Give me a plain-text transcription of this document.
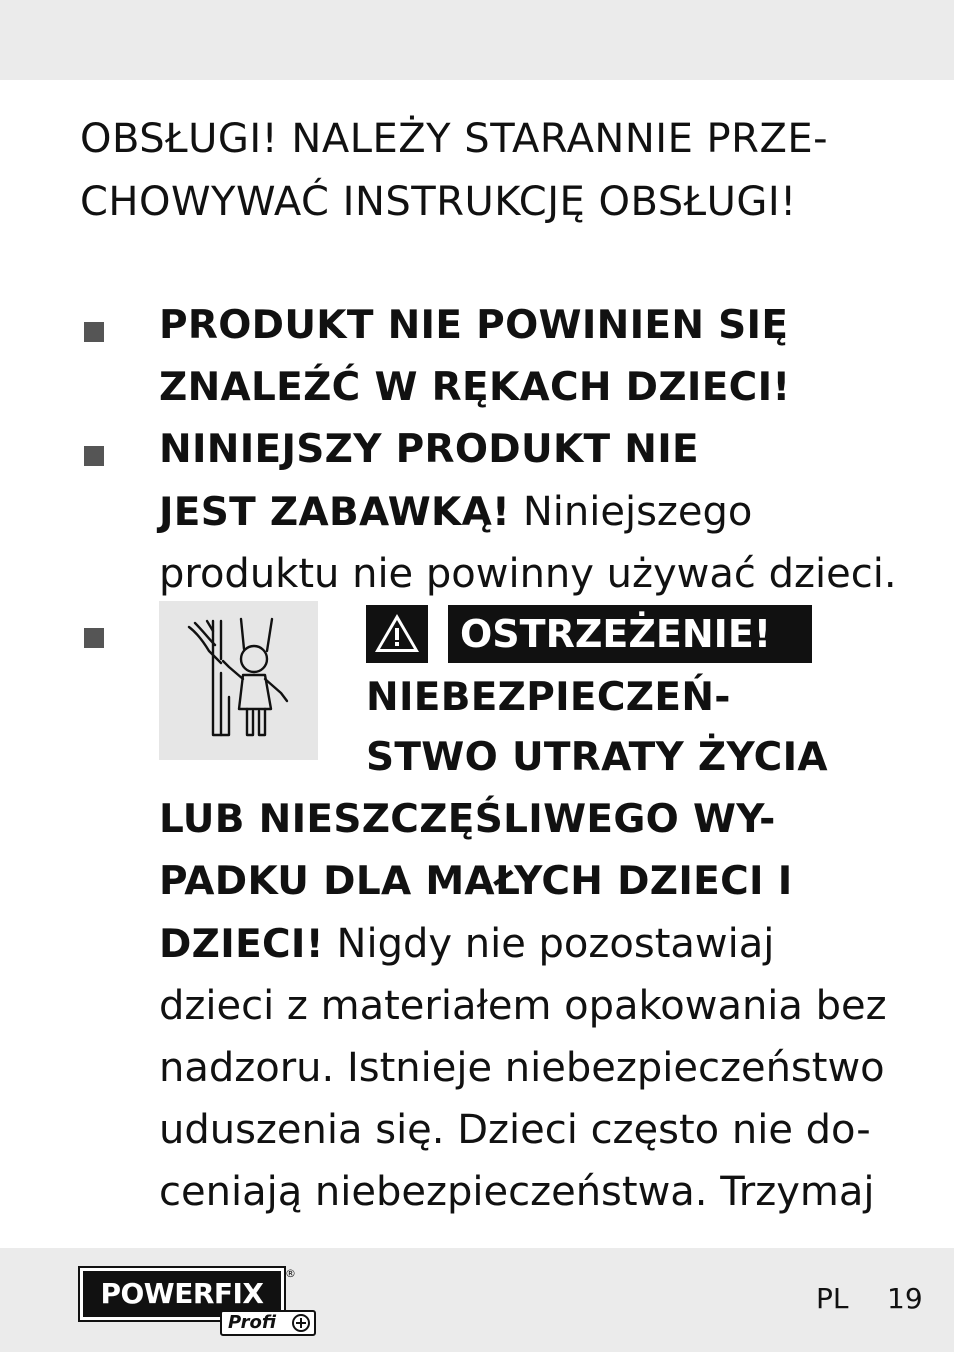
OBSŁUGI! NALEŻY STARANNIE PRZE-
CHOWYWAĆ INSTRUKCJĘ OBSŁUGI!
PRODUKT NIE POWINIEN SIĘ
ZNALEŹĆ W RĘKACH DZIECI!
NINIEJSZY PRODUKT NIE
JEST ZABAWKĄ! Niniejszego
produktu nie powinny używać dzieci.
OSTRZEŻENIE!
NIEBEZPIECZEŃ-
STWO UTRATY ŻYCIA
LUB NIESZCZĘŚLIWEGO WY-
PADKU DLA MAŁYCH DZIECI I
DZIECI! Nigdy nie pozostawiaj
dzieci z materiałem opakowania bez
nadzoru. Istnieje niebezpieczeństwo
uduszenia się. Dzieci często nie do-
ceniają niebezpieczeństwa. Trzymaj
POWERFIX
®
Profi
PL 19
